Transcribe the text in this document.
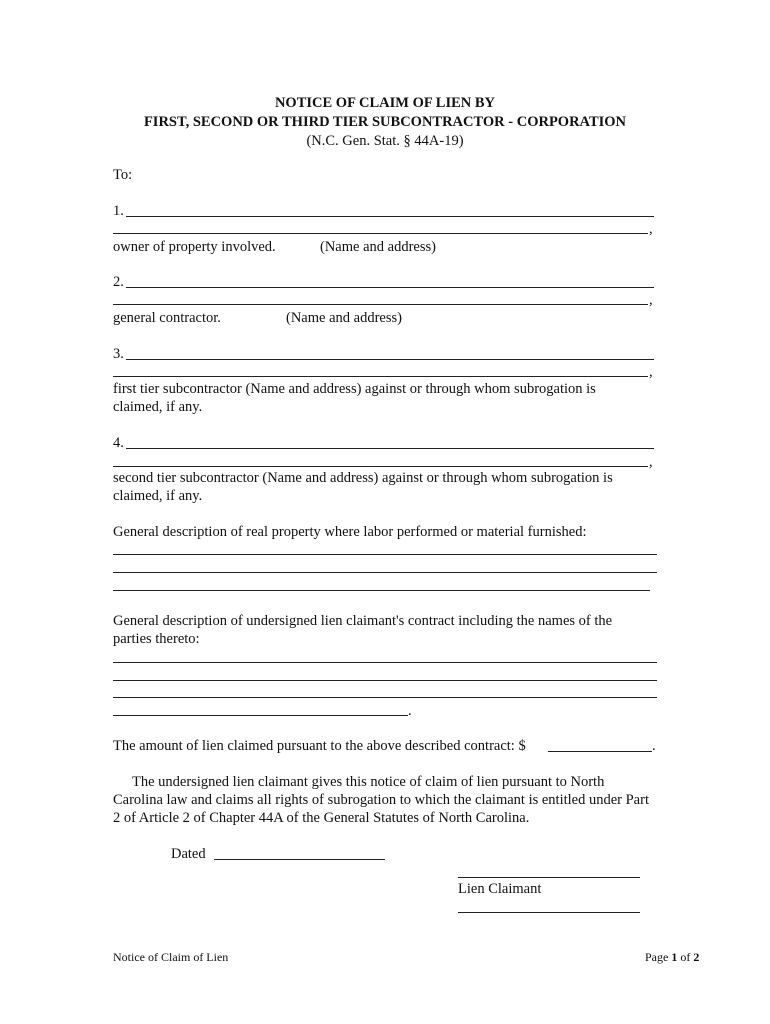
NOTICE OF CLAIM OF LIEN BY
FIRST, SECOND OR THIRD TIER SUBCONTRACTOR - CORPORATION
(N.C. Gen. Stat. § 44A-19)
To:
1.
,
owner of property involved.	(Name and address)
2.
,
general contractor.	(Name and address)
3.
,
first tier subcontractor (Name and address) against or through whom subrogation is claimed, if any.
4.
,
second tier subcontractor (Name and address) against or through whom subrogation is claimed, if any.
General description of real property where labor performed or material furnished:
General description of undersigned lien claimant's contract including the names of the parties thereto:
.
The amount of lien claimed pursuant to the above described contract: $	.
The undersigned lien claimant gives this notice of claim of lien pursuant to North Carolina law and claims all rights of subrogation to which the claimant is entitled under Part 2 of Article 2 of Chapter 44A of the General Statutes of North Carolina.
Dated
Lien Claimant
Notice of Claim of Lien	Page 1 of 2
